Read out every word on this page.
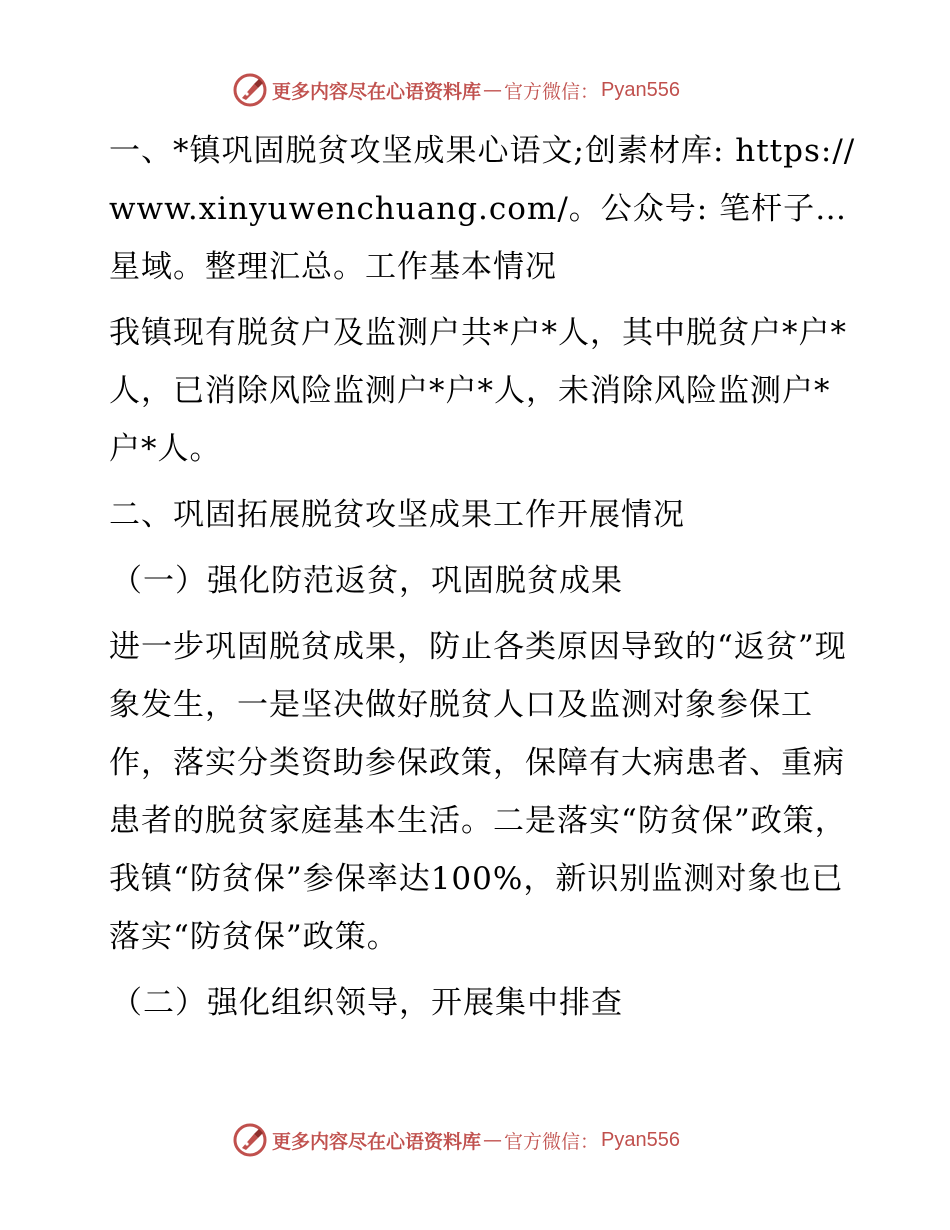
更多内容尽在心语资料库 — 官方微信： Pyan556

一、*镇巩固脱贫攻坚成果心语文;创素材库: https://www.xinyuwenchuang.com/。公众号: 笔杆子…星域。整理汇总。工作基本情况

我镇现有脱贫户及监测户共*户*人，其中脱贫户*户*人，已消除风险监测户*户*人，未消除风险监测户*户*人。

二、巩固拓展脱贫攻坚成果工作开展情况

（一）强化防范返贫，巩固脱贫成果

进一步巩固脱贫成果，防止各类原因导致的“返贫”现象发生，一是坚决做好脱贫人口及监测对象参保工作，落实分类资助参保政策，保障有大病患者、重病患者的脱贫家庭基本生活。二是落实“防贫保”政策，我镇“防贫保”参保率达100%，新识别监测对象也已落实“防贫保”政策。

（二）强化组织领导，开展集中排查

更多内容尽在心语资料库 — 官方微信： Pyan556
